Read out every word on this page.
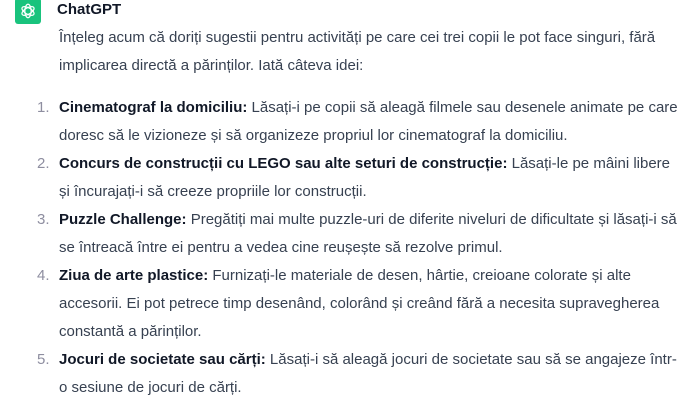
ChatGPT

Înțeleg acum că doriți sugestii pentru activități pe care cei trei copii le pot face singuri, fără implicarea directă a părinților. Iată câteva idei:

1. Cinematograf la domiciliu: Lăsați-i pe copii să aleagă filmele sau desenele animate pe care doresc să le vizioneze și să organizeze propriul lor cinematograf la domiciliu.
2. Concurs de construcții cu LEGO sau alte seturi de construcție: Lăsați-le pe mâini libere și încurajați-i să creeze propriile lor construcții.
3. Puzzle Challenge: Pregătiți mai multe puzzle-uri de diferite niveluri de dificultate și lăsați-i să se întreacă între ei pentru a vedea cine reușește să rezolve primul.
4. Ziua de arte plastice: Furnizați-le materiale de desen, hârtie, creioane colorate și alte accesorii. Ei pot petrece timp desenând, colorând și creând fără a necesita supravegherea constantă a părinților.
5. Jocuri de societate sau cărți: Lăsați-i să aleagă jocuri de societate sau să se angajeze într-o sesiune de jocuri de cărți.
